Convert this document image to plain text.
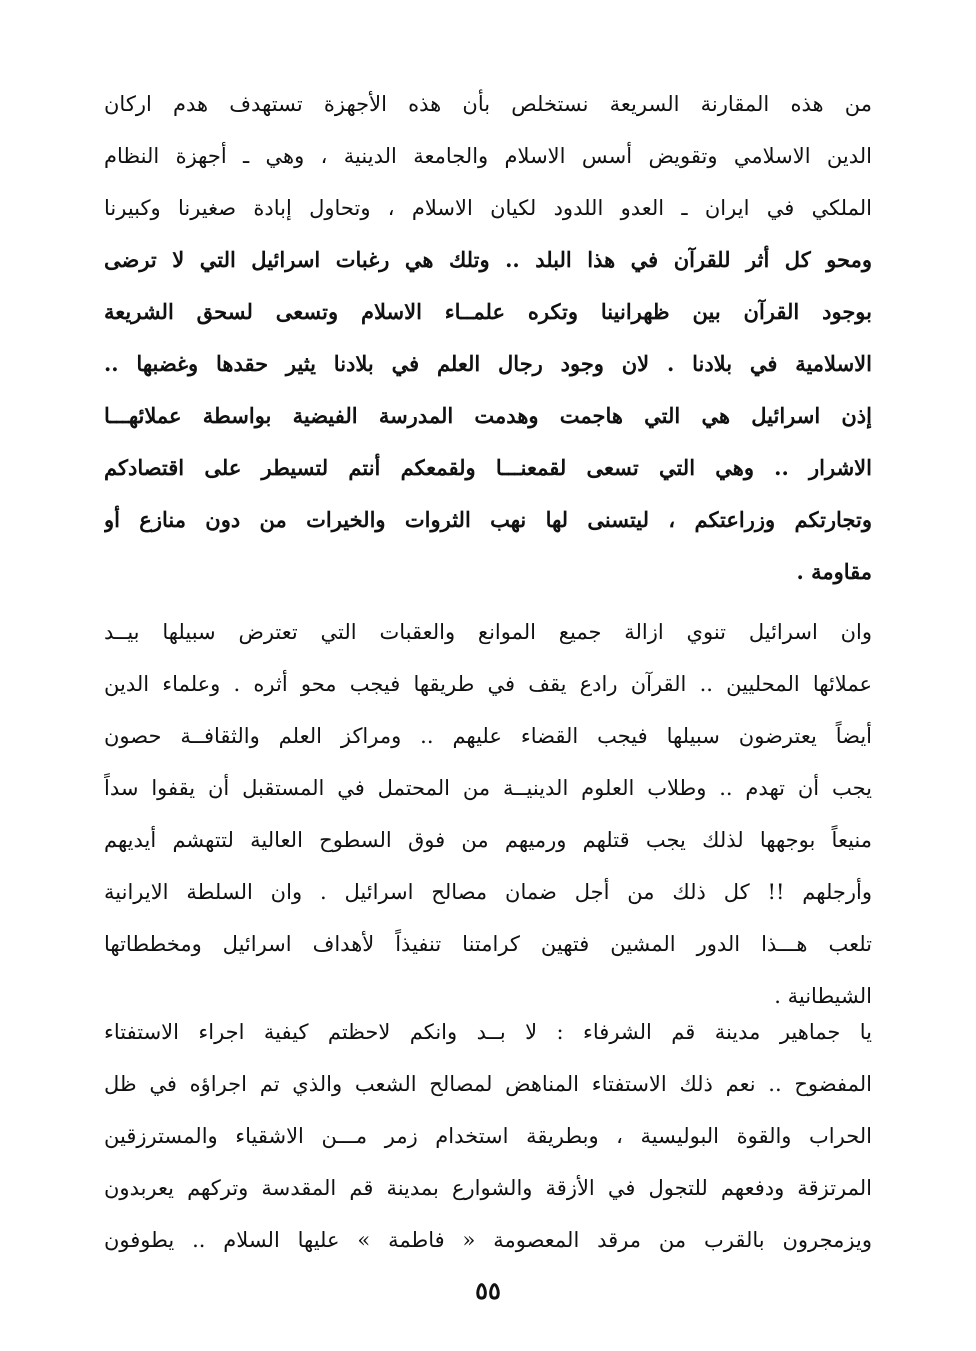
من هذه المقارنة السريعة نستخلص بأن هذه الأجهزة تستهدف هدم اركان
الدين الاسلامي وتقويض أسس الاسلام والجامعة الدينية ، وهي ـ أجهزة النظام
الملكي في ايران ـ العدو اللدود لكيان الاسلام ، وتحاول إبادة صغيرنا وكبيرنا
ومحو كل أثر للقرآن في هذا البلد .. وتلك هي رغبات اسرائيل التي لا ترضى
بوجود القرآن بين ظهرانينا وتكره علمــاء الاسلام وتسعى لسحق الشريعة
الاسلامية في بلادنا . لان وجود رجال العلم في بلادنا يثير حقدها وغضبها ..
إذن اسرائيل هي التي هاجمت وهدمت المدرسة الفيضية بواسطة عملائهـــا
الاشرار .. وهي التي تسعى لقمعنـــا ولقمعكم أنتم لتسيطر على اقتصادكم
وتجارتكم وزراعتكم ، ليتسنى لها نهب الثروات والخيرات من دون منازع أو
مقاومة .
وان اسرائيل تنوي ازالة جميع الموانع والعقبات التي تعترض سبيلها بيــد
عملائها المحليين .. القرآن رادع يقف في طريقها فيجب محو أثره . وعلماء الدين
أيضاً يعترضون سبيلها فيجب القضاء عليهم .. ومراكز العلم والثقافــة حصون
يجب أن تهدم .. وطلاب العلوم الدينيــة من المحتمل في المستقبل أن يقفوا سداً
منيعاً بوجهها لذلك يجب قتلهم ورميهم من فوق السطوح العالية لتتهشم أيديهم
وأرجلهم !! كل ذلك من أجل ضمان مصالح اسرائيل . وان السلطة الايرانية
تلعب هـــذا الدور المشين فتهين كرامتنا تنفيذاً لأهداف اسرائيل ومخططاتها
الشيطانية .
يا جماهير مدينة قم الشرفاء : لا بــد وانكم لاحظتم كيفية اجراء الاستفتاء
المفضوح .. نعم ذلك الاستفتاء المناهض لمصالح الشعب والذي تم اجراؤه في ظل
الحراب والقوة البوليسية ، وبطريقة استخدام زمر مـــن الاشقياء والمسترزقين
المرتزقة ودفعهم للتجول في الأزقة والشوارع بمدينة قم المقدسة وتركهم يعربدون
ويزمجرون بالقرب من مرقد المعصومة « فاطمة » عليها السلام .. يطوفون
٥٥
